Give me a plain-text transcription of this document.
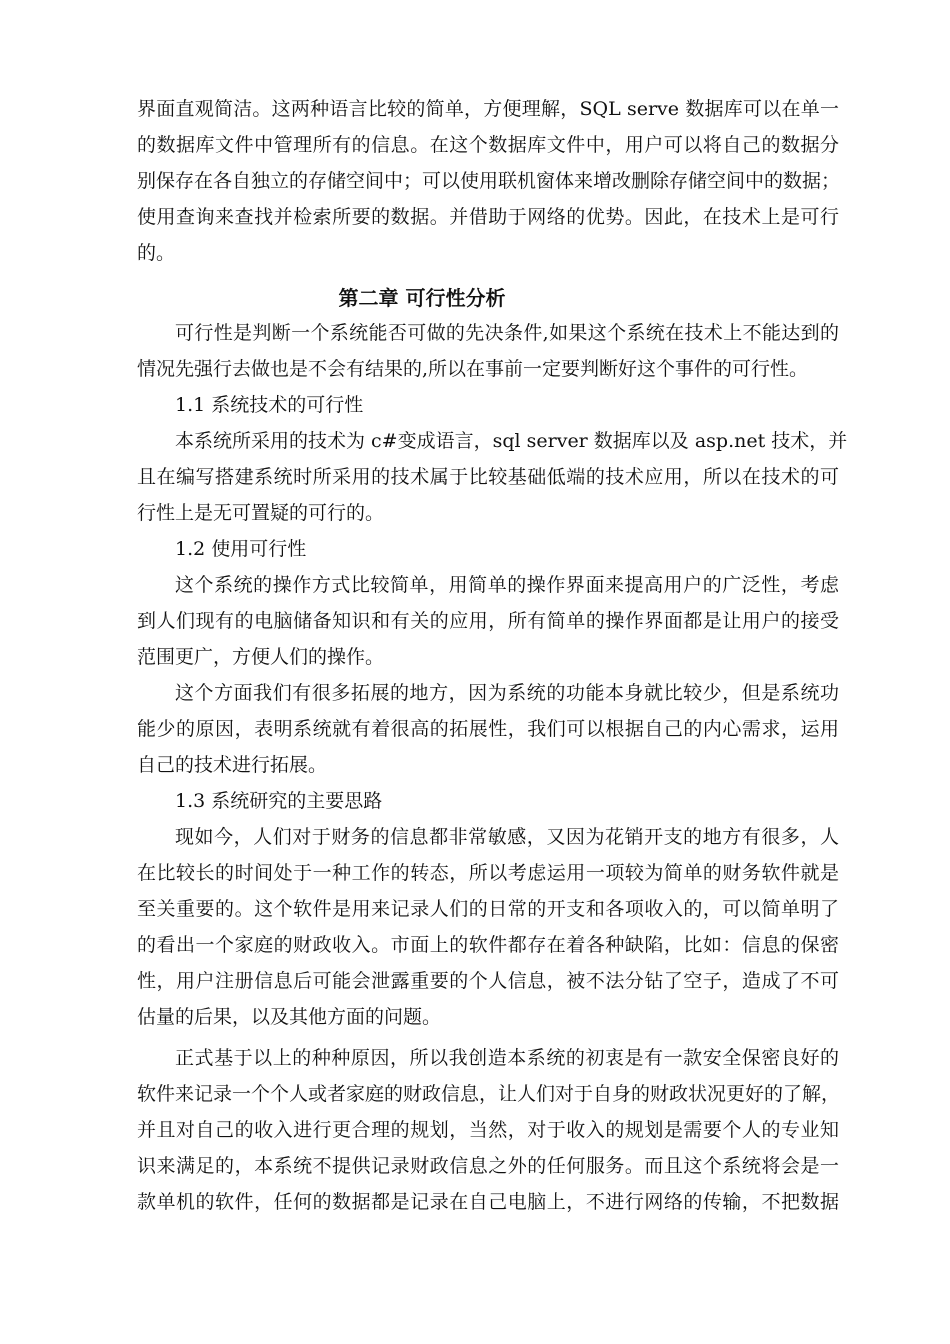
界面直观简洁。这两种语言比较的简单，方便理解，SQL serve 数据库可以在单一
的数据库文件中管理所有的信息。在这个数据库文件中，用户可以将自己的数据分
别保存在各自独立的存储空间中；可以使用联机窗体来增改删除存储空间中的数据；
使用查询来查找并检索所要的数据。并借助于网络的优势。因此，在技术上是可行
的。
第二章 可行性分析
可行性是判断一个系统能否可做的先决条件,如果这个系统在技术上不能达到的
情况先强行去做也是不会有结果的,所以在事前一定要判断好这个事件的可行性。
1.1 系统技术的可行性
本系统所采用的技术为 c#变成语言，sql server 数据库以及 asp.net 技术，并
且在编写搭建系统时所采用的技术属于比较基础低端的技术应用，所以在技术的可
行性上是无可置疑的可行的。
1.2 使用可行性
这个系统的操作方式比较简单，用简单的操作界面来提高用户的广泛性，考虑
到人们现有的电脑储备知识和有关的应用，所有简单的操作界面都是让用户的接受
范围更广，方便人们的操作。
这个方面我们有很多拓展的地方，因为系统的功能本身就比较少，但是系统功
能少的原因，表明系统就有着很高的拓展性，我们可以根据自己的内心需求，运用
自己的技术进行拓展。
1.3 系统研究的主要思路
现如今，人们对于财务的信息都非常敏感，又因为花销开支的地方有很多，人
在比较长的时间处于一种工作的转态，所以考虑运用一项较为简单的财务软件就是
至关重要的。这个软件是用来记录人们的日常的开支和各项收入的，可以简单明了
的看出一个家庭的财政收入。市面上的软件都存在着各种缺陷，比如：信息的保密
性，用户注册信息后可能会泄露重要的个人信息，被不法分钻了空子，造成了不可
估量的后果，以及其他方面的问题。
正式基于以上的种种原因，所以我创造本系统的初衷是有一款安全保密良好的
软件来记录一个个人或者家庭的财政信息，让人们对于自身的财政状况更好的了解，
并且对自己的收入进行更合理的规划，当然，对于收入的规划是需要个人的专业知
识来满足的，本系统不提供记录财政信息之外的任何服务。而且这个系统将会是一
款单机的软件，任何的数据都是记录在自己电脑上，不进行网络的传输，不把数据
